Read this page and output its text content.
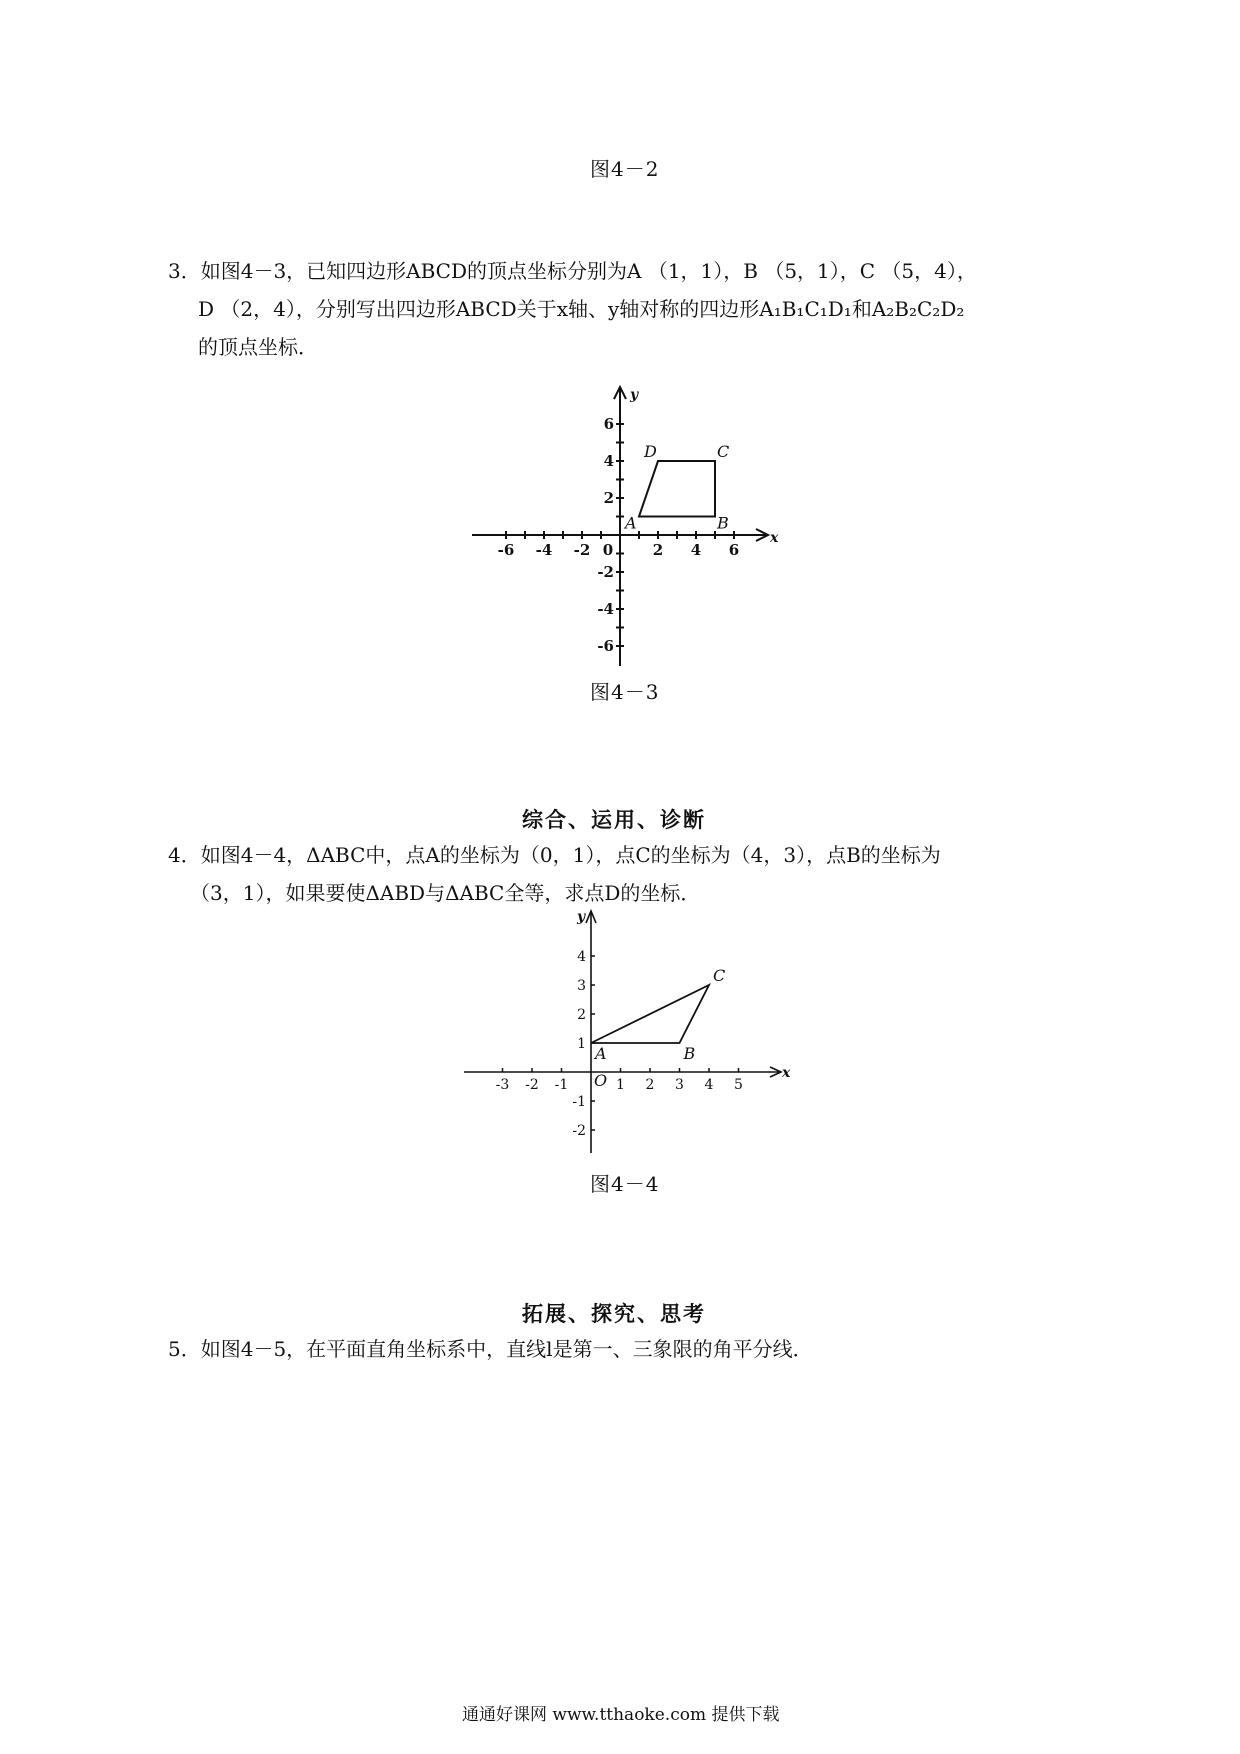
图4－2
3．如图4－3，已知四边形ABCD的顶点坐标分别为A （1，1），B （5，1），C （5，4），
D （2，4），分别写出四边形ABCD关于x轴、y轴对称的四边形A₁B₁C₁D₁和A₂B₂C₂D₂
的顶点坐标．
A	B
C
D
-6 -4 -2 0	2 4 6
6
4
2
-2
-4
-6
x
y
图4－3
综合、运用、诊断
4．如图4－4，ΔABC中，点A的坐标为（0，1），点C的坐标为（4，3），点B的坐标为
（3，1），如果要使ΔABD与ΔABC全等，求点D的坐标．
A	B
C
-3 -2 -1	1 2 3 4 5
4
3
2
1
-1
-2
O	x
y
图4－4
拓展、探究、思考
5．如图4－5，在平面直角坐标系中，直线l是第一、三象限的角平分线．
通通好课网 www.tthaoke.com 提供下载
